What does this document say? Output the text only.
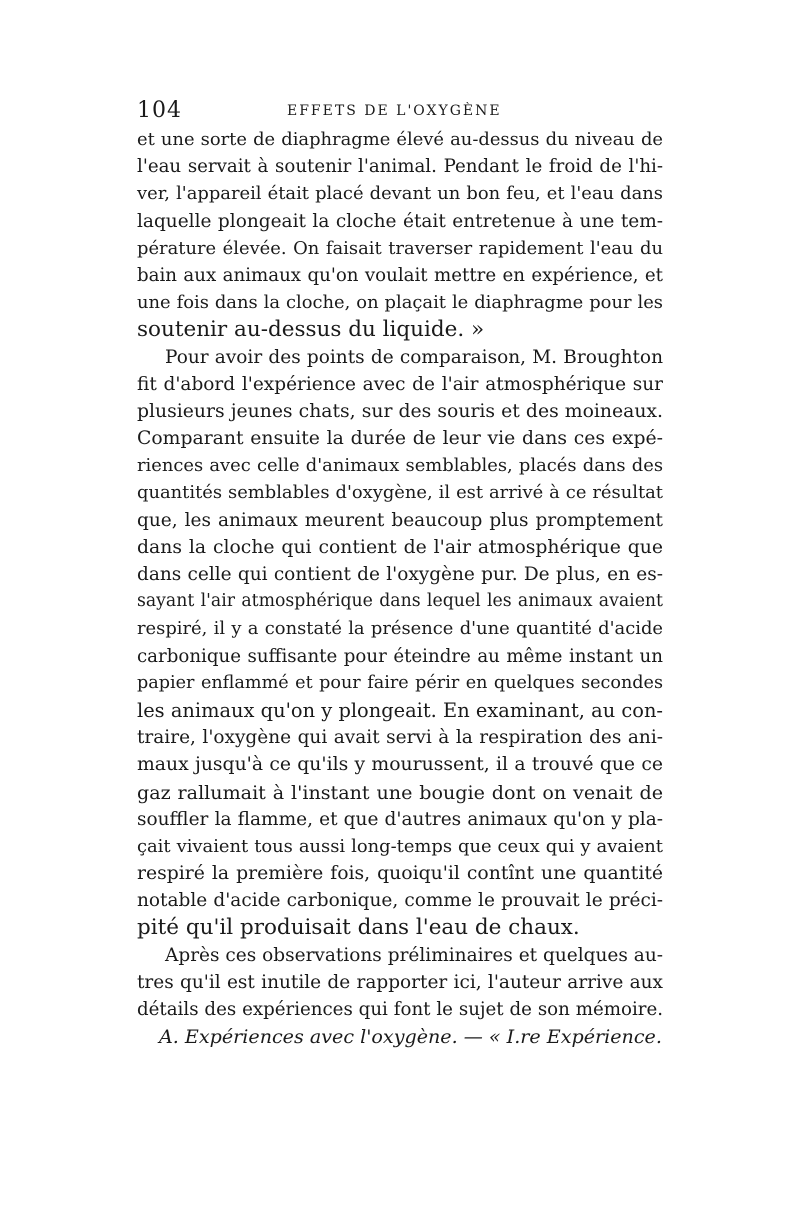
104	EFFETS DE L'OXYGÈNE
et une sorte de diaphragme élevé au-dessus du niveau de
l'eau servait à soutenir l'animal. Pendant le froid de l'hi-
ver, l'appareil était placé devant un bon feu, et l'eau dans
laquelle plongeait la cloche était entretenue à une tem-
pérature élevée. On faisait traverser rapidement l'eau du
bain aux animaux qu'on voulait mettre en expérience, et
une fois dans la cloche, on plaçait le diaphragme pour les
soutenir au-dessus du liquide. »
Pour avoir des points de comparaison, M. Broughton
fit d'abord l'expérience avec de l'air atmosphérique sur
plusieurs jeunes chats, sur des souris et des moineaux.
Comparant ensuite la durée de leur vie dans ces expé-
riences avec celle d'animaux semblables, placés dans des
quantités semblables d'oxygène, il est arrivé à ce résultat
que, les animaux meurent beaucoup plus promptement
dans la cloche qui contient de l'air atmosphérique que
dans celle qui contient de l'oxygène pur. De plus, en es-
sayant l'air atmosphérique dans lequel les animaux avaient
respiré, il y a constaté la présence d'une quantité d'acide
carbonique suffisante pour éteindre au même instant un
papier enflammé et pour faire périr en quelques secondes
les animaux qu'on y plongeait. En examinant, au con-
traire, l'oxygène qui avait servi à la respiration des ani-
maux jusqu'à ce qu'ils y mourussent, il a trouvé que ce
gaz rallumait à l'instant une bougie dont on venait de
souffler la flamme, et que d'autres animaux qu'on y pla-
çait vivaient tous aussi long-temps que ceux qui y avaient
respiré la première fois, quoiqu'il contînt une quantité
notable d'acide carbonique, comme le prouvait le préci-
pité qu'il produisait dans l'eau de chaux.
Après ces observations préliminaires et quelques au-
tres qu'il est inutile de rapporter ici, l'auteur arrive aux
détails des expériences qui font le sujet de son mémoire.
A. Expériences avec l'oxygène. — « I.re Expérience.
